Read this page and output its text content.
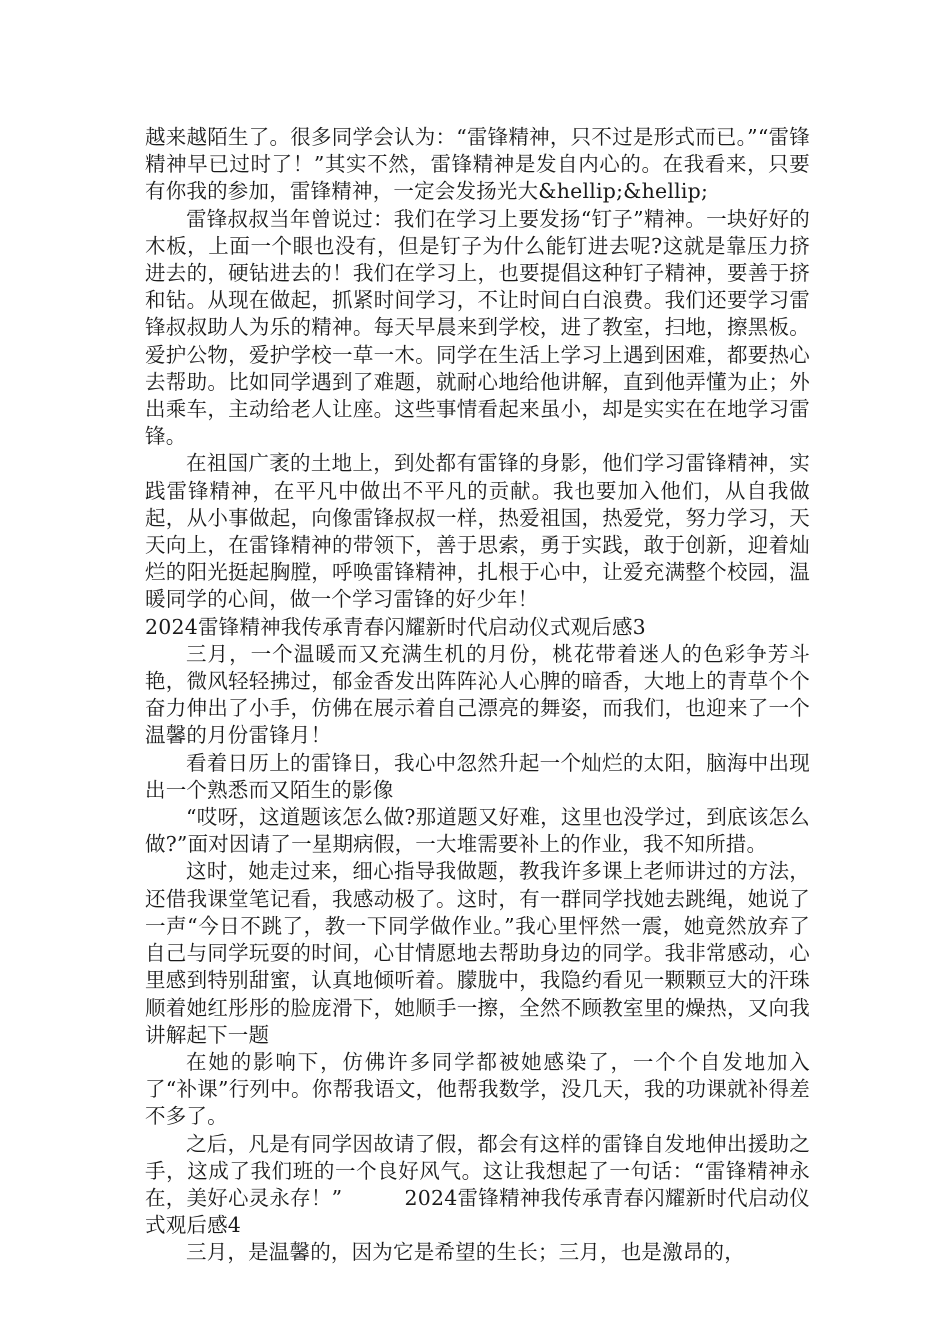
越来越陌生了。很多同学会认为：“雷锋精神，只不过是形式而已。”“雷锋精神早已过时了！”其实不然，雷锋精神是发自内心的。在我看来，只要有你我的参加，雷锋精神，一定会发扬光大&hellip;&hellip;

雷锋叔叔当年曾说过：我们在学习上要发扬“钉子”精神。一块好好的木板，上面一个眼也没有，但是钉子为什么能钉进去呢?这就是靠压力挤进去的，硬钻进去的！我们在学习上，也要提倡这种钉子精神，要善于挤和钻。从现在做起，抓紧时间学习，不让时间白白浪费。我们还要学习雷锋叔叔助人为乐的精神。每天早晨来到学校，进了教室，扫地，擦黑板。爱护公物，爱护学校一草一木。同学在生活上学习上遇到困难，都要热心去帮助。比如同学遇到了难题，就耐心地给他讲解，直到他弄懂为止；外出乘车，主动给老人让座。这些事情看起来虽小，却是实实在在地学习雷锋。

在祖国广袤的土地上，到处都有雷锋的身影，他们学习雷锋精神，实践雷锋精神，在平凡中做出不平凡的贡献。我也要加入他们，从自我做起，从小事做起，向像雷锋叔叔一样，热爱祖国，热爱党，努力学习，天天向上，在雷锋精神的带领下，善于思索，勇于实践，敢于创新，迎着灿烂的阳光挺起胸膛，呼唤雷锋精神，扎根于心中，让爱充满整个校园，温暖同学的心间，做一个学习雷锋的好少年！

2024雷锋精神我传承青春闪耀新时代启动仪式观后感3

三月，一个温暖而又充满生机的月份，桃花带着迷人的色彩争芳斗艳，微风轻轻拂过，郁金香发出阵阵沁人心脾的暗香，大地上的青草个个奋力伸出了小手，仿佛在展示着自己漂亮的舞姿，而我们，也迎来了一个温馨的月份雷锋月！

看着日历上的雷锋日，我心中忽然升起一个灿烂的太阳，脑海中出现出一个熟悉而又陌生的影像

“哎呀，这道题该怎么做?那道题又好难，这里也没学过，到底该怎么做?”面对因请了一星期病假，一大堆需要补上的作业，我不知所措。

这时，她走过来，细心指导我做题，教我许多课上老师讲过的方法，还借我课堂笔记看，我感动极了。这时，有一群同学找她去跳绳，她说了一声“今日不跳了，教一下同学做作业。”我心里怦然一震，她竟然放弃了自己与同学玩耍的时间，心甘情愿地去帮助身边的同学。我非常感动，心里感到特别甜蜜，认真地倾听着。朦胧中，我隐约看见一颗颗豆大的汗珠顺着她红彤彤的脸庞滑下，她顺手一擦，全然不顾教室里的燥热，又向我讲解起下一题

在她的影响下，仿佛许多同学都被她感染了，一个个自发地加入了“补课”行列中。你帮我语文，他帮我数学，没几天，我的功课就补得差不多了。

之后，凡是有同学因故请了假，都会有这样的雷锋自发地伸出援助之手，这成了我们班的一个良好风气。这让我想起了一句话：“雷锋精神永在，美好心灵永存！”　　　2024雷锋精神我传承青春闪耀新时代启动仪式观后感4

三月，是温馨的，因为它是希望的生长；三月，也是激昂的，
